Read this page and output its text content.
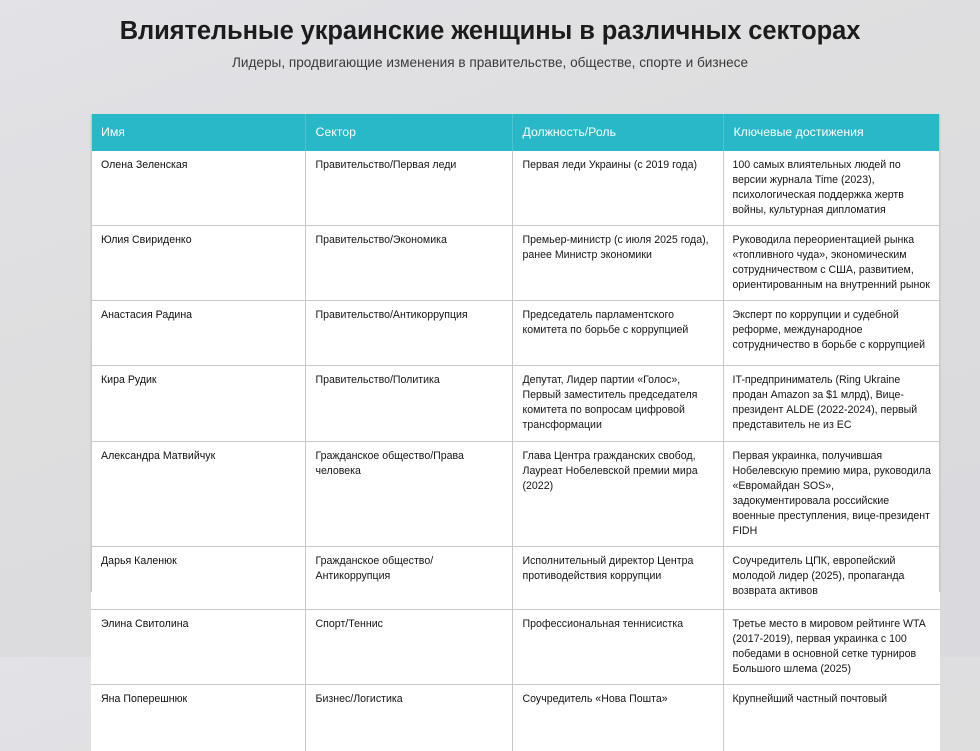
Влиятельные украинские женщины в различных секторах

Лидеры, продвигающие изменения в правительстве, обществе, спорте и бизнесе

Имя	Сектор	Должность/Роль	Ключевые достижения
Олена Зеленская	Правительство/Первая леди	Первая леди Украины (с 2019 года)	100 самых влиятельных людей по версии журнала Time (2023), психологическая поддержка жертв войны, культурная дипломатия
Юлия Свириденко	Правительство/Экономика	Премьер-министр (с июля 2025 года), ранее Министр экономики	Руководила переориентацией рынка «топливного чуда», экономическим сотрудничеством с США, развитием, ориентированным на внутренний рынок
Анастасия Радина	Правительство/Антикоррупция	Председатель парламентского комитета по борьбе с коррупцией	Эксперт по коррупции и судебной реформе, международное сотрудничество в борьбе с коррупцией
Кира Рудик	Правительство/Политика	Депутат, Лидер партии «Голос», Первый заместитель председателя комитета по вопросам цифровой трансформации	IT-предприниматель (Ring Ukraine продан Amazon за $1 млрд), Вице-президент ALDE (2022-2024), первый представитель не из ЕС
Александра Матвийчук	Гражданское общество/Права человека	Глава Центра гражданских свобод, Лауреат Нобелевской премии мира (2022)	Первая украинка, получившая Нобелевскую премию мира, руководила «Евромайдан SOS», задокументировала российские военные преступления, вице-президент FIDH
Дарья Каленюк	Гражданское общество/Антикоррупция	Исполнительный директор Центра противодействия коррупции	Соучредитель ЦПК, европейский молодой лидер (2025), пропаганда возврата активов
Элина Свитолина	Спорт/Теннис	Профессиональная теннисистка	Третье место в мировом рейтинге WTA (2017-2019), первая украинка с 100 победами в основной сетке турниров Большого шлема (2025)
Яна Поперешнюк	Бизнес/Логистика	Соучредитель «Нова Пошта»	Крупнейший частный почтовый
